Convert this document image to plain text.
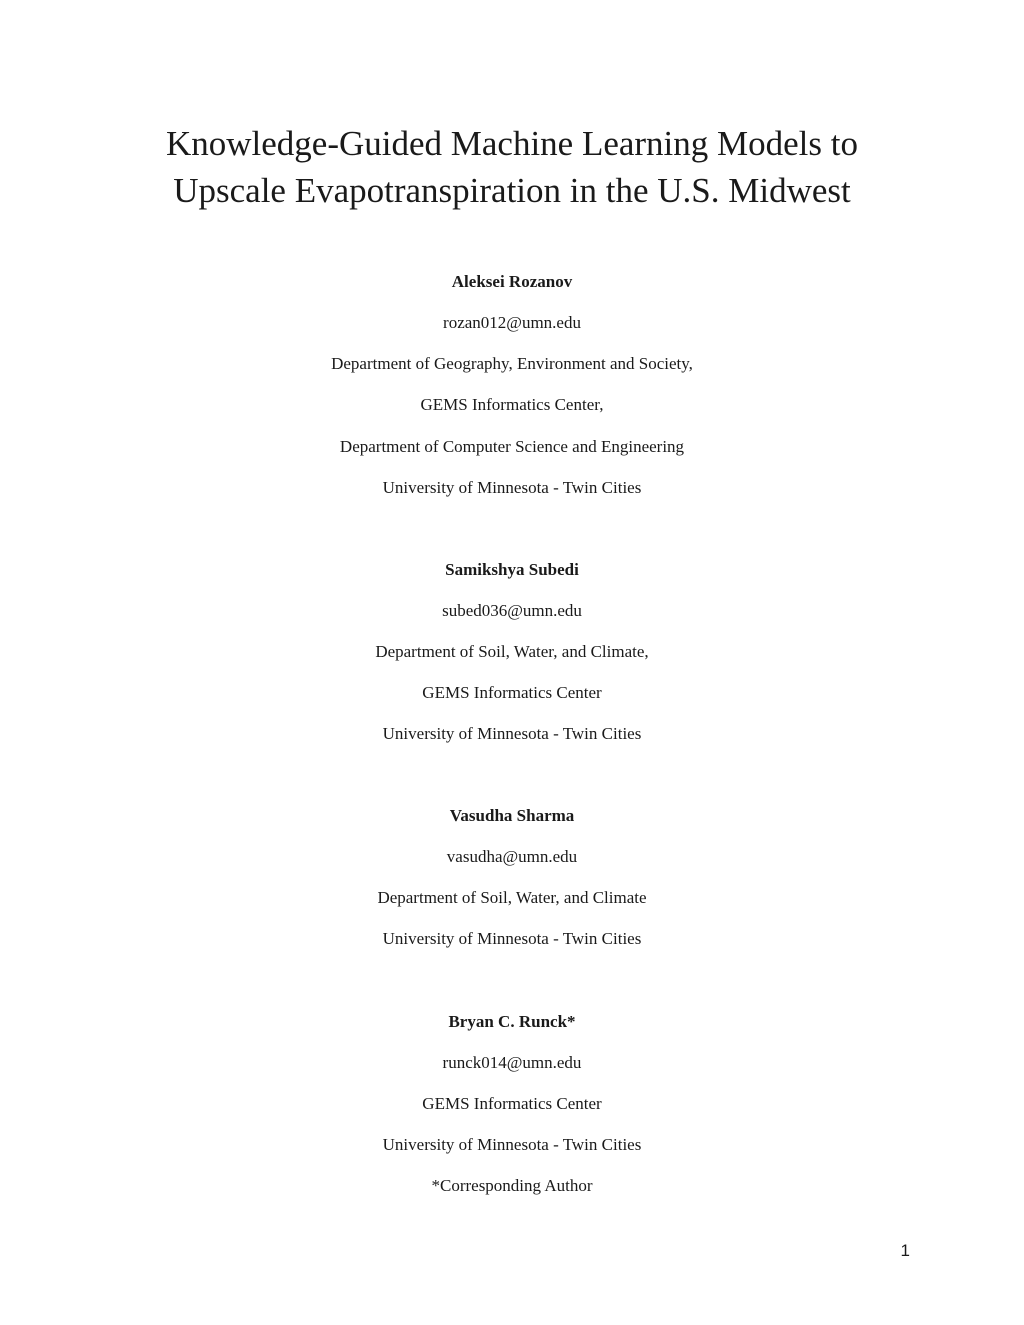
Knowledge-Guided Machine Learning Models to
Upscale Evapotranspiration in the U.S. Midwest
Aleksei Rozanov
rozan012@umn.edu
Department of Geography, Environment and Society,
GEMS Informatics Center,
Department of Computer Science and Engineering
University of Minnesota - Twin Cities
Samikshya Subedi
subed036@umn.edu
Department of Soil, Water, and Climate,
GEMS Informatics Center
University of Minnesota - Twin Cities
Vasudha Sharma
vasudha@umn.edu
Department of Soil, Water, and Climate
University of Minnesota - Twin Cities
Bryan C. Runck*
runck014@umn.edu
GEMS Informatics Center
University of Minnesota - Twin Cities
*Corresponding Author
1
